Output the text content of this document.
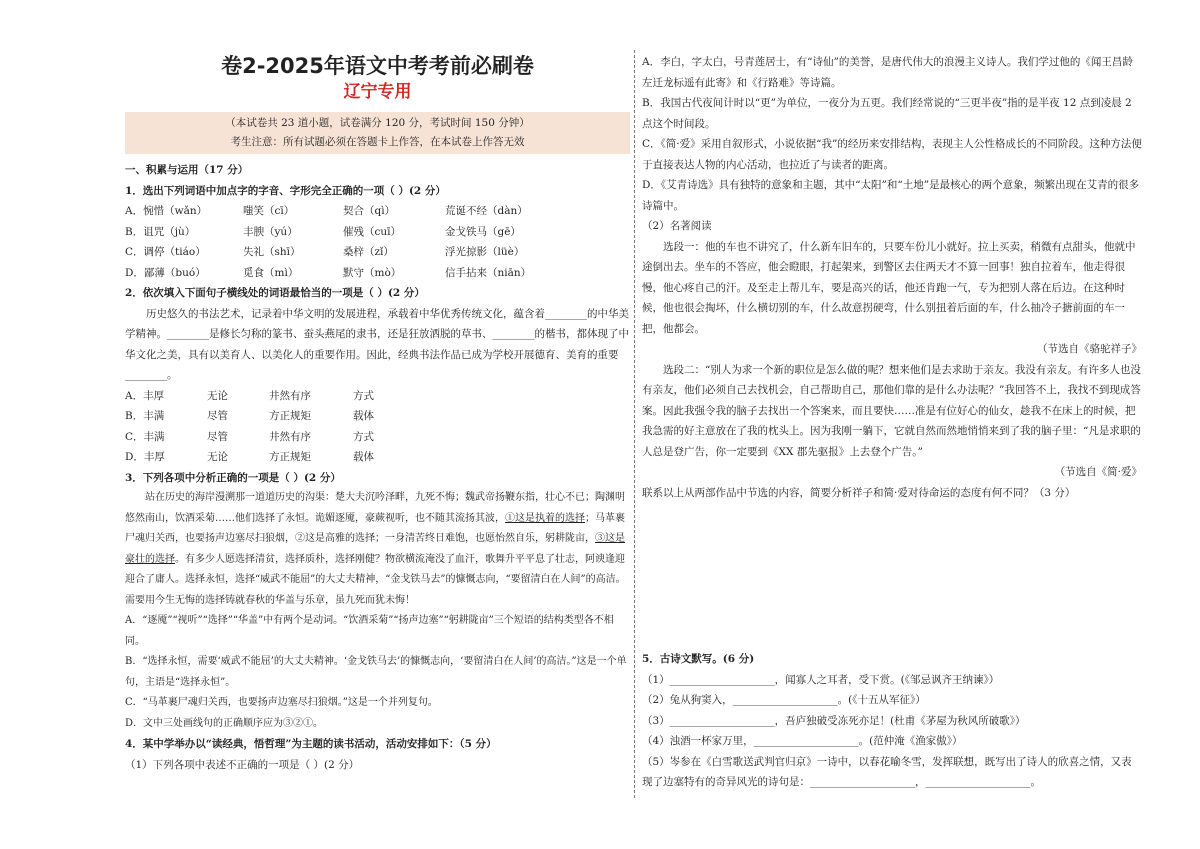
卷2-2025年语文中考考前必刷卷
辽宁专用
（本试卷共 23 道小题，试卷满分 120 分，考试时间 150 分钟）
考生注意：所有试题必须在答题卡上作答，在本试卷上作答无效
一、积累与运用（17 分）
1．选出下列词语中加点字的字音、字形完全正确的一项（ ）(2 分）
A．惋惜（wǎn）	嗤笑（cī）	契合（qì）	荒诞不经（dàn）
B．诅咒（jù）	丰腴（yú）	催残（cuī）	金戈铁马（gē）
C．调停（tiáo）	失礼（shī）	桑梓（zǐ）	浮光掠影（lüè）
D．鄙薄（buó）	觅食（mì）	默守（mò）	信手拈来（niān）
2．依次填入下面句子横线处的词语最恰当的一项是（ ）(2 分）
历史悠久的书法艺术，记录着中华文明的发展进程，承载着中华优秀传统文化，蕴含着________的中华美学精神。________是修长匀称的篆书、蚕头燕尾的隶书，还是狂放洒脱的草书、________的楷书，都体现了中华文化之美，具有以美育人、以美化人的重要作用。因此，经典书法作品已成为学校开展德育、美育的重要________。
A．丰厚	无论	井然有序	方式
B．丰满	尽管	方正规矩	载体
C．丰满	尽管	井然有序	方式
D．丰厚	无论	方正规矩	载体
3．下列各项中分析正确的一项是（ ）(2 分）
站在历史的海岸漫溯那一道道历史的沟渠：楚大夫沉吟泽畔，九死不悔；魏武帝扬鞭东指，壮心不已；陶渊明悠然南山，饮酒采菊……他们选择了永恒。诡媚逐魇，豪蕨视听，也不随其流扬其波，①这是执着的选择；马革裹尸魂归关西，也要扬声边塞尽扫狼烟，②这是高雅的选择；一身清苦终日难饱，也愿怡然自乐，躬耕陇亩，③这是豪壮的选择。有多少人愿选择清贫，选择质朴，选择刚健？物欲横流淹没了血汗，歌舞升平平息了壮志，阿谀逢迎迎合了庸人。选择永恒，选择“威武不能屈”的大丈夫精神，“金戈铁马去”的慷慨志向，“要留清白在人间”的高洁。需要用今生无悔的选择铸就春秋的华盖与乐章，虽九死而犹未悔！
A．“逐魇”“视听”“选择”“华盖”中有两个是动词。“饮酒采菊”“扬声边塞”“躬耕陇亩”三个短语的结构类型各不相同。
B．“选择永恒，需要‘威武不能屈’的大丈夫精神。‘金戈铁马去’的慷慨志向，‘要留清白在人间’的高洁。”这是一个单句，主语是“选择永恒”。
C．“马革裹尸魂归关西，也要扬声边塞尽扫狼烟。”这是一个并列复句。
D．文中三处画线句的正确顺序应为③②①。
4．某中学举办以“读经典，悟哲理”为主题的读书活动，活动安排如下：（5 分）
（1）下列各项中表述不正确的一项是（ ）(2 分）
A．李白，字太白，号青莲居士，有“诗仙”的美誉，是唐代伟大的浪漫主义诗人。我们学过他的《闻王昌龄左迁龙标遥有此寄》和《行路难》等诗篇。
B．我国古代夜间计时以“更”为单位，一夜分为五更。我们经常说的“三更半夜”指的是半夜 12 点到凌晨 2 点这个时间段。
C．《简·爱》采用自叙形式，小说依据“我”的经历来安排结构，表现主人公性格成长的不同阶段。这种方法便于直接表达人物的内心活动，也拉近了与读者的距离。
D．《艾青诗选》具有独特的意象和主题，其中“太阳”和“土地”是最核心的两个意象，频繁出现在艾青的很多诗篇中。
（2）名著阅读
选段一：他的车也不讲究了，什么新车旧车的，只要车份儿小就好。拉上买卖，稍微有点甜头，他就中途倒出去。坐车的不答应，他会瞪眼，打起架来，到警区去住两天才不算一回事！独自拉着车，他走得很慢，他心疼自己的汗。及至走上帮儿车，要是高兴的话，他还肯跑一气，专为把别人落在后边。在这种时候，他也很会掏坏，什么横切别的车，什么故意拐硬弯，什么别扭着后面的车，什么抽冷子搪前面的车一把，他都会。
（节选自《骆驼祥子》
选段二：“别人为求一个新的职位是怎么做的呢？想来他们是去求助于亲友。我没有亲友。有许多人也没有亲友，他们必须自己去找机会，自己帮助自己，那他们靠的是什么办法呢？”我回答不上，我找不到现成答案。因此我强令我的脑子去找出一个答案来，而且要快……准是有位好心的仙女，趁我不在床上的时候，把我急需的好主意放在了我的枕头上。因为我刚一躺下，它就自然而然地悄悄来到了我的脑子里：“凡是求职的人总是登广告，你一定要到《XX 郡先驱报》上去登个广告。”
（节选自《简·爱》
联系以上从两部作品中节选的内容，简要分析祥子和简·爱对待命运的态度有何不同？（3 分）
5．古诗文默写。(6 分)
（1）____________________，闻寡人之耳者，受下赏。(《邹忌讽齐王纳谏》）
（2）兔从狗窦入，____________________。(《十五从军征》）
（3）____________________，吾庐独破受冻死亦足！(杜甫《茅屋为秋风所破歌》）
（4）浊酒一杯家万里，____________________。(范仲淹《渔家傲》）
（5）岑参在《白雪歌送武判官归京》一诗中，以春花喻冬雪，发挥联想，既写出了诗人的欣喜之情，又表现了边塞特有的奇异风光的诗句是：____________________，____________________。
